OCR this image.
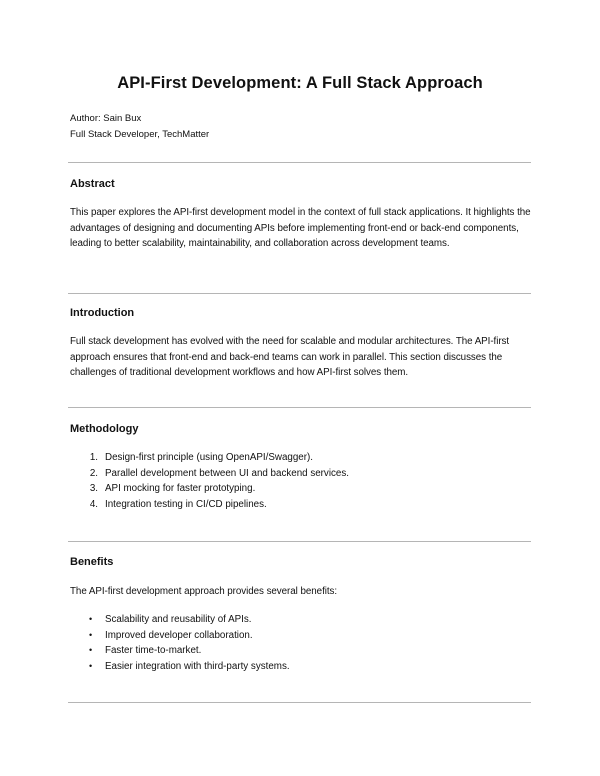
API-First Development: A Full Stack Approach

Author: Sain Bux

Full Stack Developer, TechMatter

Abstract

This paper explores the API-first development model in the context of full stack applications. It highlights the advantages of designing and documenting APIs before implementing front-end or back-end components, leading to better scalability, maintainability, and collaboration across development teams.

Introduction

Full stack development has evolved with the need for scalable and modular architectures. The API-first approach ensures that front-end and back-end teams can work in parallel. This section discusses the challenges of traditional development workflows and how API-first solves them.

Methodology
1. Design-first principle (using OpenAPI/Swagger).
2. Parallel development between UI and backend services.
3. API mocking for faster prototyping.
4. Integration testing in CI/CD pipelines.
Benefits

The API-first development approach provides several benefits:

• Scalability and reusability of APIs.
• Improved developer collaboration.
• Faster time-to-market.
• Easier integration with third-party systems.
